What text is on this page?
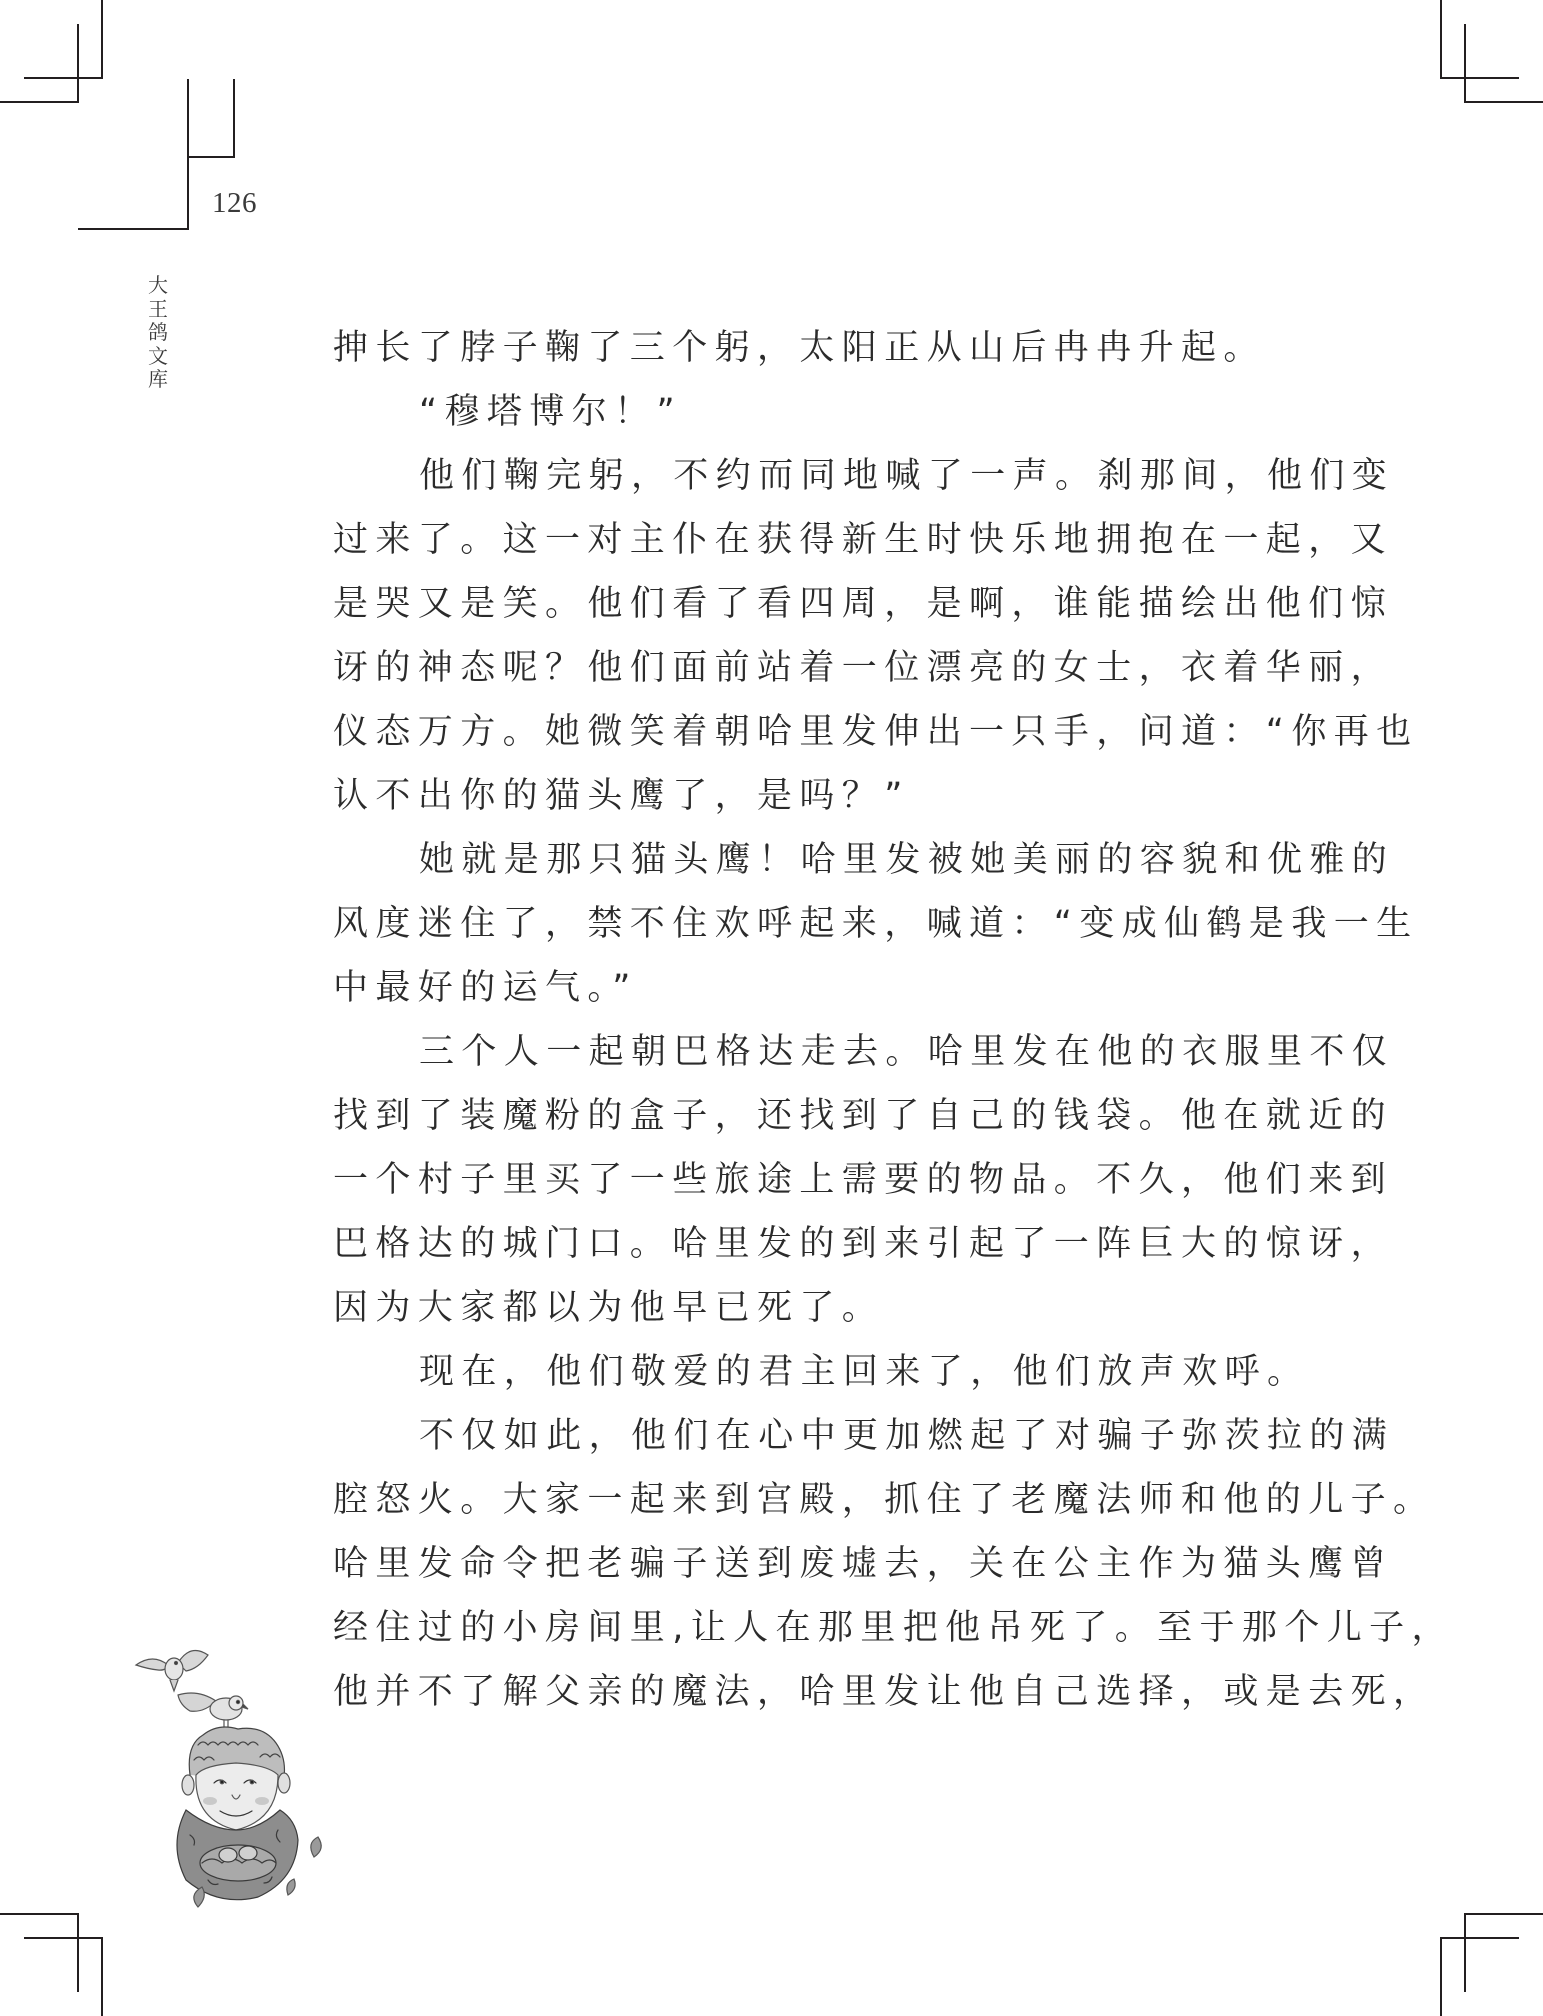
126
大
王
鸽
文
库
抻长了脖子鞠了三个躬，太阳正从山后冉冉升起。
“穆塔博尔！”
他们鞠完躬，不约而同地喊了一声。刹那间，他们变
过来了。这一对主仆在获得新生时快乐地拥抱在一起，又
是哭又是笑。他们看了看四周，是啊，谁能描绘出他们惊
讶的神态呢？他们面前站着一位漂亮的女士，衣着华丽，
仪态万方。她微笑着朝哈里发伸出一只手，问道：“你再也
认不出你的猫头鹰了，是吗？”
她就是那只猫头鹰！哈里发被她美丽的容貌和优雅的
风度迷住了，禁不住欢呼起来，喊道：“变成仙鹤是我一生
中最好的运气。”
三个人一起朝巴格达走去。哈里发在他的衣服里不仅
找到了装魔粉的盒子，还找到了自己的钱袋。他在就近的
一个村子里买了一些旅途上需要的物品。不久，他们来到
巴格达的城门口。哈里发的到来引起了一阵巨大的惊讶，
因为大家都以为他早已死了。
现在，他们敬爱的君主回来了，他们放声欢呼。
不仅如此，他们在心中更加燃起了对骗子弥茨拉的满
腔怒火。大家一起来到宫殿，抓住了老魔法师和他的儿子。
哈里发命令把老骗子送到废墟去，关在公主作为猫头鹰曾
经住过的小房间里,让人在那里把他吊死了。至于那个儿子，
他并不了解父亲的魔法，哈里发让他自己选择，或是去死，
